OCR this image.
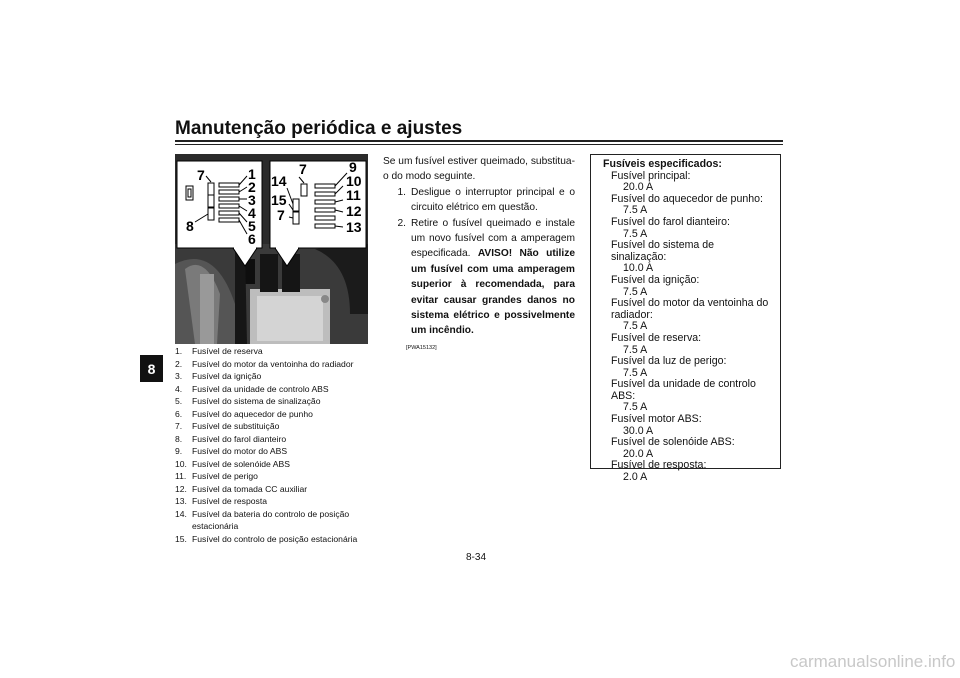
Manutenção periódica e ajustes
8
7	1
2
3
4
5
6
8
7	9
14	10
15	11
12
7
13
1.	Fusível de reserva
2.	Fusível do motor da ventoinha do radiador
3.	Fusível da ignição
4.	Fusível da unidade de controlo ABS
5.	Fusível do sistema de sinalização
6.	Fusível do aquecedor de punho
7.	Fusível de substituição
8.	Fusível do farol dianteiro
9.	Fusível do motor do ABS
10. Fusível de solenóide ABS
11. Fusível de perigo
12. Fusível da tomada CC auxiliar
13. Fusível de resposta
14. Fusível da bateria do controlo de posição
estacionária
15. Fusível do controlo de posição estacionária

Se um fusível estiver queimado, substitua-o do modo seguinte.

1. Desligue o interruptor principal e o circuito elétrico em questão.
2. Retire o fusível queimado e instale um novo fusível com a amperagem especificada. AVISO! Não utilize um fusível com uma amperagem superior à recomendada, para evitar causar grandes danos no sistema elétrico e possivelmente um incêndio.
[PWA15132]
Fusíveis especificados:
Fusível principal:
20.0 A
Fusível do aquecedor de punho:
7.5 A
Fusível do farol dianteiro:
7.5 A
Fusível do sistema de sinalização:
10.0 A
Fusível da ignição:
7.5 A
Fusível do motor da ventoinha do radiador:
7.5 A
Fusível de reserva:
7.5 A
Fusível da luz de perigo:
7.5 A
Fusível da unidade de controlo ABS:
7.5 A
Fusível motor ABS:
30.0 A
Fusível de solenóide ABS:
20.0 A
Fusível de resposta:
2.0 A
8-34
carmanualsonline.info
